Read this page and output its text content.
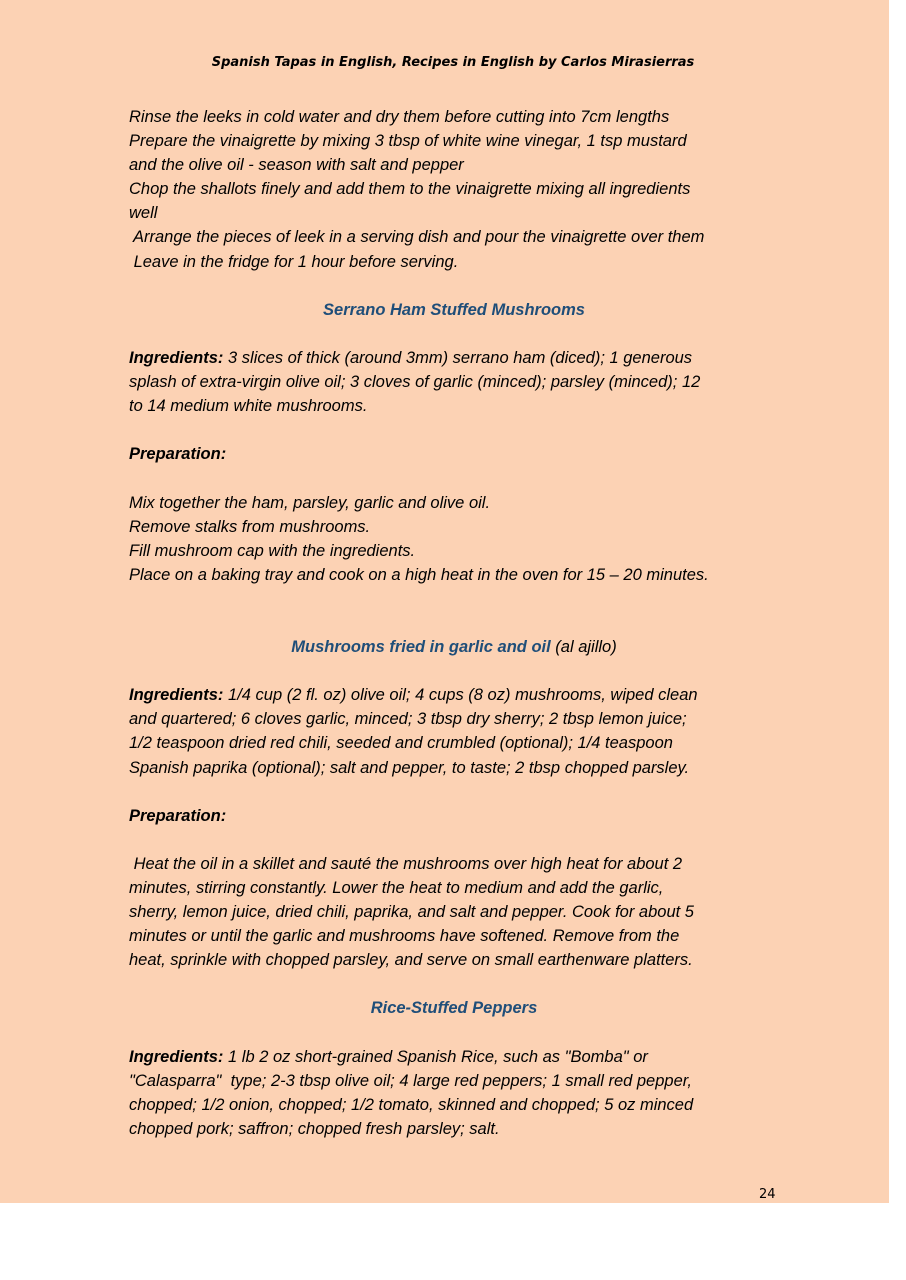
Spanish Tapas in English, Recipes in English by Carlos Mirasierras
Rinse the leeks in cold water and dry them before cutting into 7cm lengths
Prepare the vinaigrette by mixing 3 tbsp of white wine vinegar, 1 tsp mustard
and the olive oil - season with salt and pepper
Chop the shallots finely and add them to the vinaigrette mixing all ingredients
well
Arrange the pieces of leek in a serving dish and pour the vinaigrette over them
Leave in the fridge for 1 hour before serving.
Serrano Ham Stuffed Mushrooms
Ingredients: 3 slices of thick (around 3mm) serrano ham (diced); 1 generous
splash of extra-virgin olive oil; 3 cloves of garlic (minced); parsley (minced); 12
to 14 medium white mushrooms.
Preparation:
Mix together the ham, parsley, garlic and olive oil.
Remove stalks from mushrooms.
Fill mushroom cap with the ingredients.
Place on a baking tray and cook on a high heat in the oven for 15 – 20 minutes.
Mushrooms fried in garlic and oil (al ajillo)
Ingredients: 1/4 cup (2 fl. oz) olive oil; 4 cups (8 oz) mushrooms, wiped clean
and quartered; 6 cloves garlic, minced; 3 tbsp dry sherry; 2 tbsp lemon juice;
1/2 teaspoon dried red chili, seeded and crumbled (optional); 1/4 teaspoon
Spanish paprika (optional); salt and pepper, to taste; 2 tbsp chopped parsley.
Preparation:
Heat the oil in a skillet and sauté the mushrooms over high heat for about 2
minutes, stirring constantly. Lower the heat to medium and add the garlic,
sherry, lemon juice, dried chili, paprika, and salt and pepper. Cook for about 5
minutes or until the garlic and mushrooms have softened. Remove from the
heat, sprinkle with chopped parsley, and serve on small earthenware platters.
Rice-Stuffed Peppers
Ingredients: 1 lb 2 oz short-grained Spanish Rice, such as "Bomba" or
"Calasparra"  type; 2-3 tbsp olive oil; 4 large red peppers; 1 small red pepper,
chopped; 1/2 onion, chopped; 1/2 tomato, skinned and chopped; 5 oz minced
chopped pork; saffron; chopped fresh parsley; salt.
24
